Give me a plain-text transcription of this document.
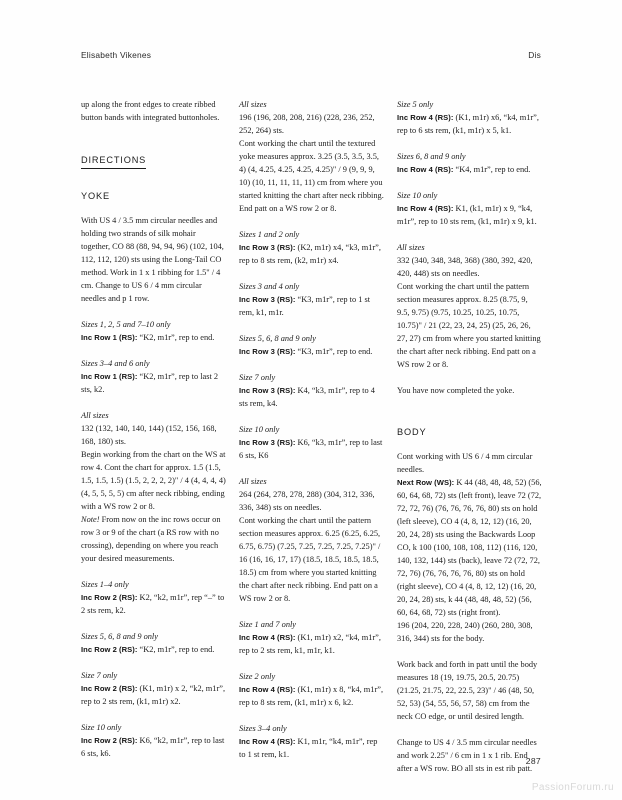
Elisabeth Vikenes	Dis

up along the front edges to create ribbed button bands with integrated buttonholes.

DIRECTIONS
YOKE

With US 4 / 3.5 mm circular needles and holding two strands of silk mohair together, CO 88 (88, 94, 94, 96) (102, 104, 112, 112, 120) sts using the Long-Tail CO method. Work in 1 x 1 ribbing for 1.5" / 4 cm. Change to US 6 / 4 mm circular needles and p 1 row.

Sizes 1, 2, 5 and 7–10 only

Inc Row 1 (RS): “K2, m1r”, rep to end.

Sizes 3–4 and 6 only

Inc Row 1 (RS): “K2, m1r”, rep to last 2 sts, k2.

All sizes

132 (132, 140, 140, 144) (152, 156, 168, 168, 180) sts.

Begin working from the chart on the WS at row 4. Cont the chart for approx. 1.5 (1.5, 1.5, 1.5, 1.5) (1.5, 2, 2, 2, 2)" / 4 (4, 4, 4, 4) (4, 5, 5, 5, 5) cm after neck ribbing, ending with a WS row 2 or 8.

Note! From now on the inc rows occur on row 3 or 9 of the chart (a RS row with no crossing), depending on where you reach your desired measurements.

Sizes 1–4 only

Inc Row 2 (RS): K2, “k2, m1r”, rep “–” to 2 sts rem, k2.

Sizes 5, 6, 8 and 9 only

Inc Row 2 (RS): “K2, m1r”, rep to end.

Size 7 only

Inc Row 2 (RS): (K1, m1r) x 2, “k2, m1r”, rep to 2 sts rem, (k1, m1r) x2.

Size 10 only

Inc Row 2 (RS): K6, “k2, m1r”, rep to last 6 sts, k6.

All sizes

196 (196, 208, 208, 216) (228, 236, 252, 252, 264) sts.

Cont working the chart until the textured yoke measures approx. 3.25 (3.5, 3.5, 3.5, 4) (4, 4.25, 4.25, 4.25, 4.25)" / 9 (9, 9, 9, 10) (10, 11, 11, 11, 11) cm from where you started knitting the chart after neck ribbing. End patt on a WS row 2 or 8.

Sizes 1 and 2 only

Inc Row 3 (RS): (K2, m1r) x4, “k3, m1r”, rep to 8 sts rem, (k2, m1r) x4.

Sizes 3 and 4 only

Inc Row 3 (RS): “K3, m1r”, rep to 1 st rem, k1, m1r.

Sizes 5, 6, 8 and 9 only

Inc Row 3 (RS): “K3, m1r”, rep to end.

Size 7 only

Inc Row 3 (RS): K4, “k3, m1r”, rep to 4 sts rem, k4.

Size 10 only

Inc Row 3 (RS): K6, “k3, m1r”, rep to last 6 sts, K6

All sizes

264 (264, 278, 278, 288) (304, 312, 336, 336, 348) sts on needles.

Cont working the chart until the pattern section measures approx. 6.25 (6.25, 6.25, 6.75, 6.75) (7.25, 7.25, 7.25, 7.25, 7.25)" / 16 (16, 16, 17, 17) (18.5, 18.5, 18.5, 18.5, 18.5) cm from where you started knitting the chart after neck ribbing. End patt on a WS row 2 or 8.

Size 1 and 7 only

Inc Row 4 (RS): (K1, m1r) x2, “k4, m1r”, rep to 2 sts rem, k1, m1r, k1.

Size 2 only

Inc Row 4 (RS): (K1, m1r) x 8, “k4, m1r”, rep to 8 sts rem, (k1, m1r) x 6, k2.

Sizes 3–4 only

Inc Row 4 (RS): K1, m1r, “k4, m1r”, rep to 1 st rem, k1.

Size 5 only

Inc Row 4 (RS): (K1, m1r) x6, “k4, m1r”, rep to 6 sts rem, (k1, m1r) x 5, k1.

Sizes 6, 8 and 9 only

Inc Row 4 (RS): “K4, m1r”, rep to end.

Size 10 only

Inc Row 4 (RS): K1, (k1, m1r) x 9, “k4, m1r”, rep to 10 sts rem, (k1, m1r) x 9, k1.

All sizes

332 (340, 348, 348, 368) (380, 392, 420, 420, 448) sts on needles.

Cont working the chart until the pattern section measures approx. 8.25 (8.75, 9, 9.5, 9.75) (9.75, 10.25, 10.25, 10.75, 10.75)" / 21 (22, 23, 24, 25) (25, 26, 26, 27, 27) cm from where you started knitting the chart after neck ribbing. End patt on a WS row 2 or 8.

You have now completed the yoke.

BODY

Cont working with US 6 / 4 mm circular needles.

Next Row (WS): K 44 (48, 48, 48, 52) (56, 60, 64, 68, 72) sts (left front), leave 72 (72, 72, 72, 76) (76, 76, 76, 76, 80) sts on hold (left sleeve), CO 4 (4, 8, 12, 12) (16, 20, 20, 24, 28) sts using the Backwards Loop CO, k 100 (100, 108, 108, 112) (116, 120, 140, 132, 144) sts (back), leave 72 (72, 72, 72, 76) (76, 76, 76, 76, 80) sts on hold (right sleeve), CO 4 (4, 8, 12, 12) (16, 20, 20, 24, 28) sts, k 44 (48, 48, 48, 52) (56, 60, 64, 68, 72) sts (right front).

196 (204, 220, 228, 240) (260, 280, 308, 316, 344) sts for the body.

Work back and forth in patt until the body measures 18 (19, 19.75, 20.5, 20.75) (21.25, 21.75, 22, 22.5, 23)" / 46 (48, 50, 52, 53) (54, 55, 56, 57, 58) cm from the neck CO edge, or until desired length.

Change to US 4 / 3.5 mm circular needles and work 2.25" / 6 cm in 1 x 1 rib. End after a WS row. BO all sts in est rib patt.

287
PassionForum.ru
